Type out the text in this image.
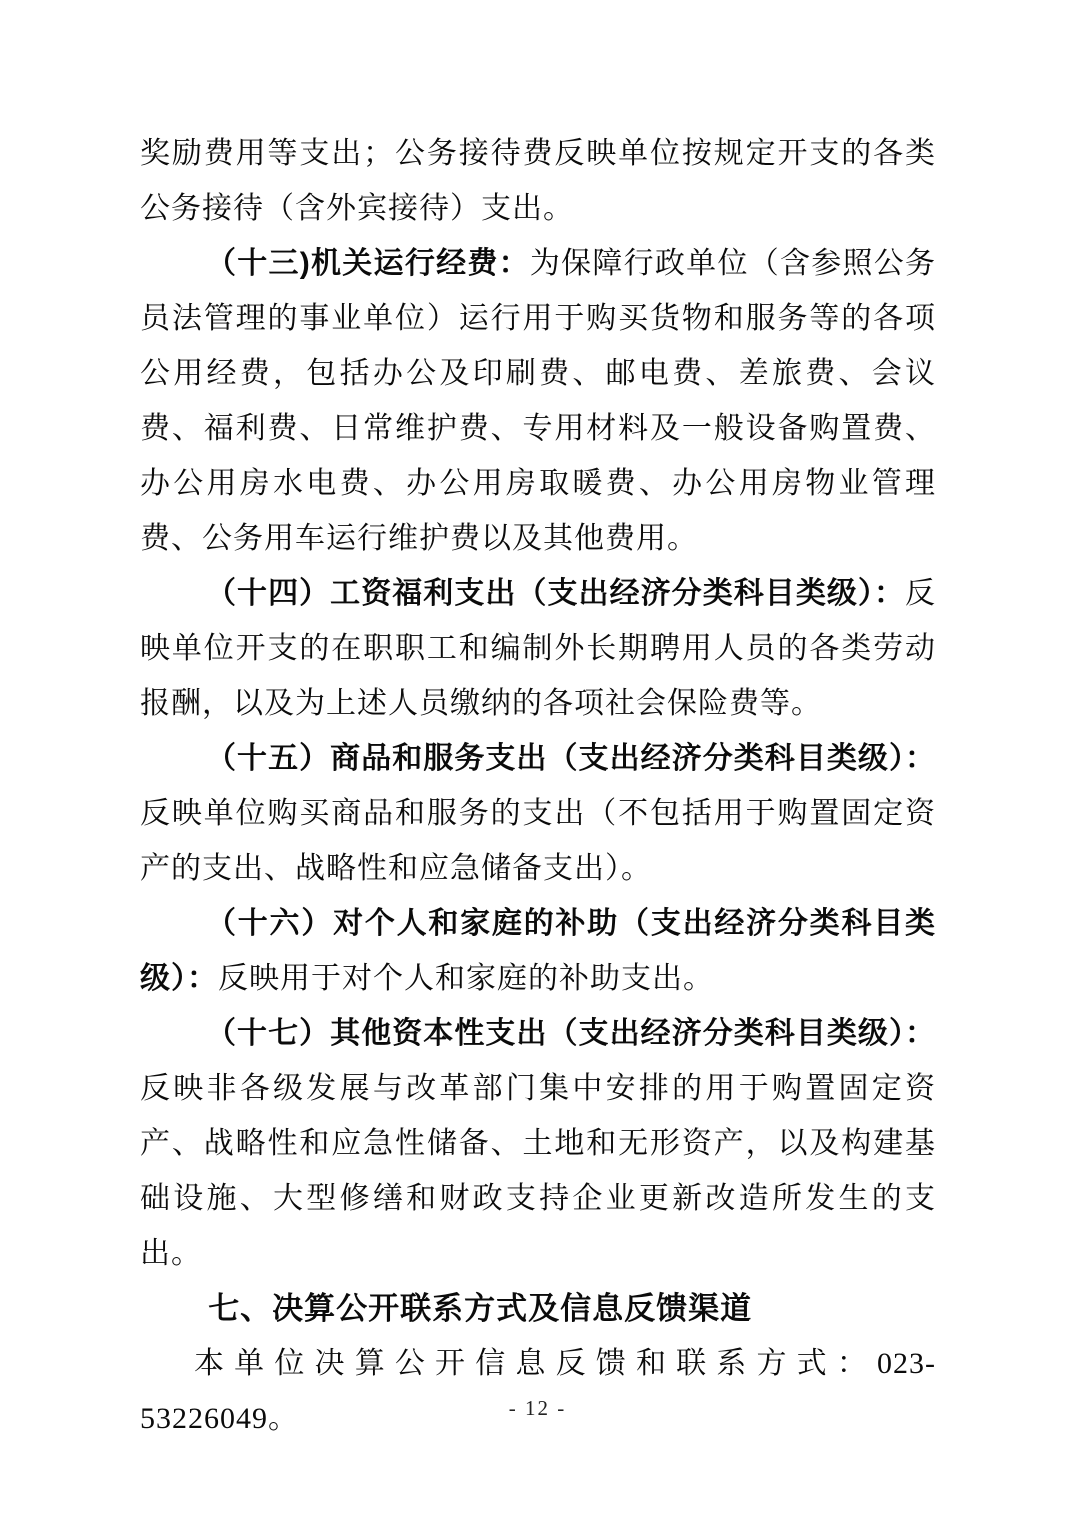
奖励费用等支出；公务接待费反映单位按规定开支的各类公务接待（含外宾接待）支出。

（十三)机关运行经费：为保障行政单位（含参照公务员法管理的事业单位）运行用于购买货物和服务等的各项公用经费，包括办公及印刷费、邮电费、差旅费、会议费、福利费、日常维护费、专用材料及一般设备购置费、办公用房水电费、办公用房取暖费、办公用房物业管理费、公务用车运行维护费以及其他费用。

（十四）工资福利支出（支出经济分类科目类级）：反映单位开支的在职职工和编制外长期聘用人员的各类劳动报酬，以及为上述人员缴纳的各项社会保险费等。

（十五）商品和服务支出（支出经济分类科目类级）：反映单位购买商品和服务的支出（不包括用于购置固定资产的支出、战略性和应急储备支出）。

（十六）对个人和家庭的补助（支出经济分类科目类级）：反映用于对个人和家庭的补助支出。

（十七）其他资本性支出（支出经济分类科目类级）：反映非各级发展与改革部门集中安排的用于购置固定资产、战略性和应急性储备、土地和无形资产，以及构建基础设施、大型修缮和财政支持企业更新改造所发生的支出。

七、决算公开联系方式及信息反馈渠道

本单位决算公开信息反馈和联系方式：023-53226049。	- 12 -
